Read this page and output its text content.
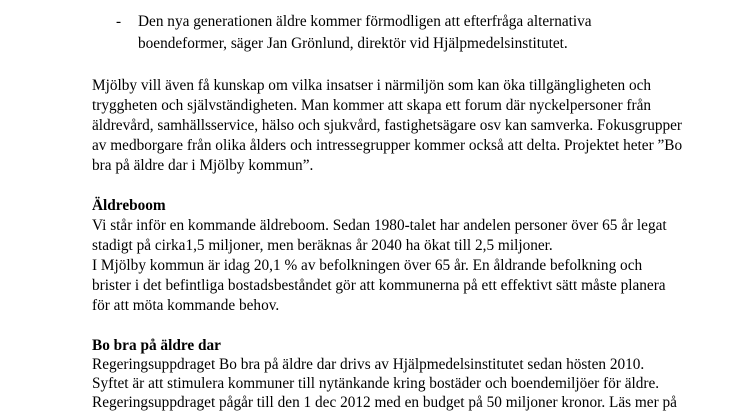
- Den nya generationen äldre kommer förmodligen att efterfråga alternativa
boendeformer, säger Jan Grönlund, direktör vid Hjälpmedelsinstitutet.
Mjölby vill även få kunskap om vilka insatser i närmiljön som kan öka tillgängligheten och
tryggheten och självständigheten. Man kommer att skapa ett forum där nyckelpersoner från
äldrevård, samhällsservice, hälso och sjukvård, fastighetsägare osv kan samverka. Fokusgrupper
av medborgare från olika ålders och intressegrupper kommer också att delta. Projektet heter ”Bo
bra på äldre dar i Mjölby kommun”.
Äldreboom
Vi står inför en kommande äldreboom. Sedan 1980-talet har andelen personer över 65 år legat
stadigt på cirka1,5 miljoner, men beräknas år 2040 ha ökat till 2,5 miljoner.
I Mjölby kommun är idag 20,1 % av befolkningen över 65 år. En åldrande befolkning och
brister i det befintliga bostadsbeståndet gör att kommunerna på ett effektivt sätt måste planera
för att möta kommande behov.
Bo bra på äldre dar
Regeringsuppdraget Bo bra på äldre dar drivs av Hjälpmedelsinstitutet sedan hösten 2010.
Syftet är att stimulera kommuner till nytänkande kring bostäder och boendemiljöer för äldre.
Regeringsuppdraget pågår till den 1 dec 2012 med en budget på 50 miljoner kronor. Läs mer på
